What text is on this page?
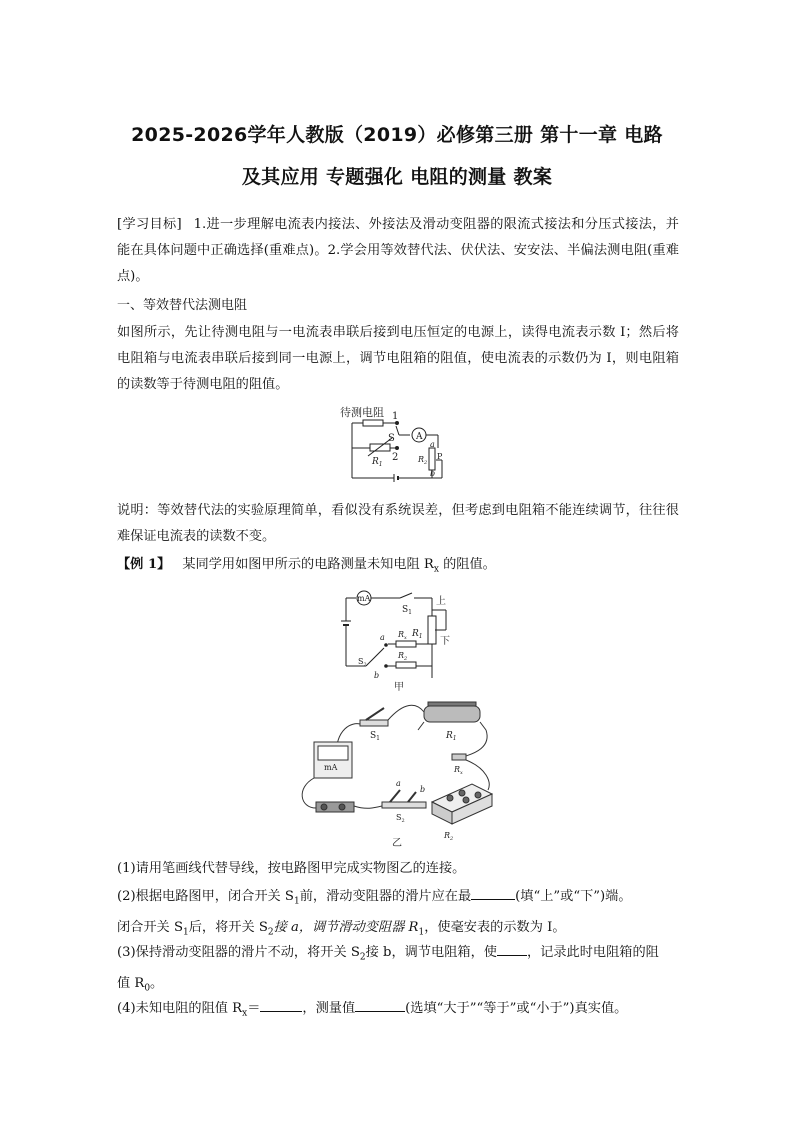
2025-2026学年人教版（2019）必修第三册 第十一章 电路
及其应用 专题强化 电阻的测量 教案

[学习目标] 1.进一步理解电流表内接法、外接法及滑动变阻器的限流式接法和分压式接法，并能在具体问题中正确选择(重难点)。2.学会用等效替代法、伏伏法、安安法、半偏法测电阻(重难点)。

一、等效替代法测电阻

如图所示，先让待测电阻与一电流表串联后接到电压恒定的电源上，读得电流表示数 I；然后将电阻箱与电流表串联后接到同一电源上，调节电阻箱的阻值，使电流表的示数仍为 I，则电阻箱的读数等于待测电阻的阻值。

待测电阻 1
$R_1$
2
S A
a
P
$R_2$
b

说明：等效替代法的实验原理简单，看似没有系统误差，但考虑到电阻箱不能连续调节，往往很难保证电流表的读数不变。

【例 1】 某同学用如图甲所示的电路测量未知电阻 $R_x$ 的阻值。

mA
$S_1$
上
下
$R_1$
a $R_x$
$S_2$
$R_2$
b
甲
$S_1$	$R_1$
mA	$R_x$
a
b
$S_2$
$R_2$
乙

(1)请用笔画线代替导线，按电路图甲完成实物图乙的连接。

(2)根据电路图甲，闭合开关 $S_1$前，滑动变阻器的滑片应在最	(填“上”或“下”)端。
闭合开关 $S_1$后，将开关 $S_2$接 a，调节滑动变阻器 $R_1$，使毫安表的示数为 I。

(3)保持滑动变阻器的滑片不动，将开关 $S_2$接 b，调节电阻箱，使 ，记录此时电阻箱的阻
值 $R_0$。

(4)未知电阻的阻值 $R_x=$	，测量值	(选填“大于”“等于”或“小于”)真实值。
